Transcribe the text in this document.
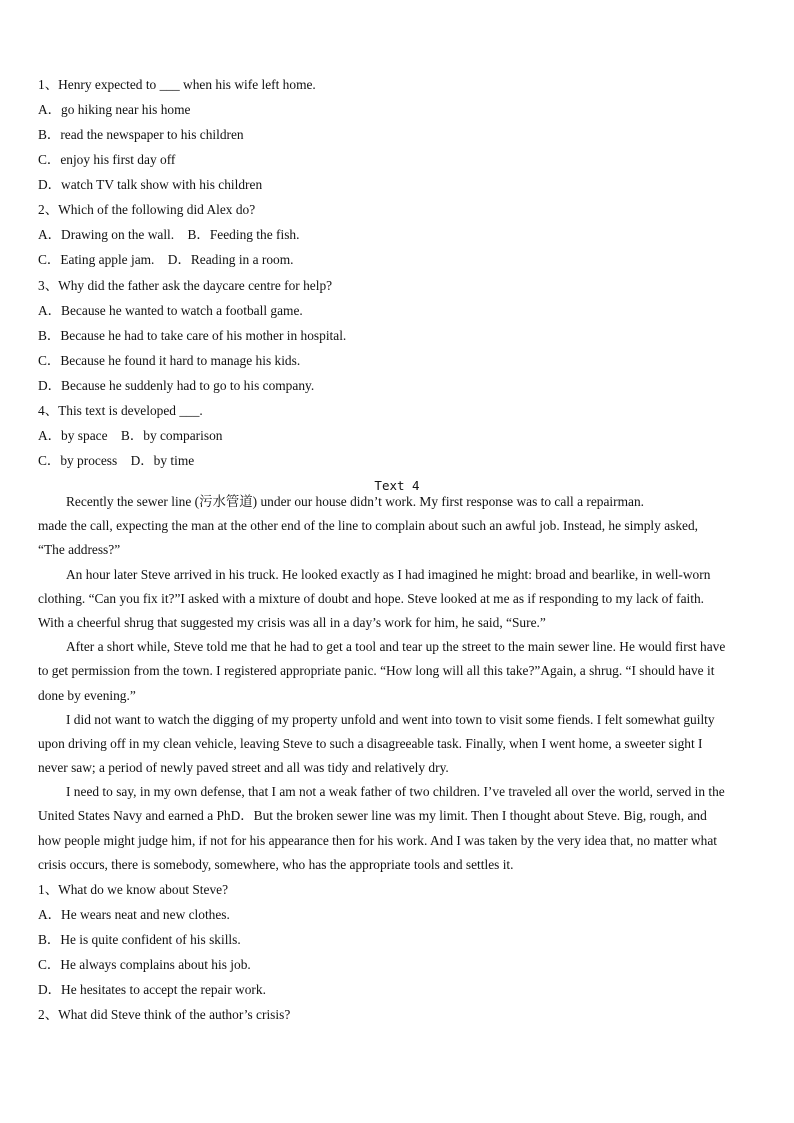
1、Henry expected to ___ when his wife left home.
A．go hiking near his home
B．read the newspaper to his children
C．enjoy his first day off
D．watch TV talk show with his children
2、Which of the following did Alex do?
A．Drawing on the wall.　B．Feeding the fish.
C．Eating apple jam.　D．Reading in a room.
3、Why did the father ask the daycare centre for help?
A．Because he wanted to watch a football game.
B．Because he had to take care of his mother in hospital.
C．Because he found it hard to manage his kids.
D．Because he suddenly had to go to his company.
4、This text is developed ___.
A．by space　B．by comparison
C．by process　D．by time
Text 4
Recently the sewer line (污水管道) under our house didn’t work. My first response was to call a repairman.
made the call, expecting the man at the other end of the line to complain about such an awful job. Instead, he simply asked,
“The address?”
An hour later Steve arrived in his truck. He looked exactly as I had imagined he might: broad and bearlike, in well-worn
clothing. “Can you fix it?”I asked with a mixture of doubt and hope. Steve looked at me as if responding to my lack of faith.
With a cheerful shrug that suggested my crisis was all in a day’s work for him, he said, “Sure.”
After a short while, Steve told me that he had to get a tool and tear up the street to the main sewer line. He would first have
to get permission from the town. I registered appropriate panic. “How long will all this take?”Again, a shrug. “I should have it
done by evening.”
I did not want to watch the digging of my property unfold and went into town to visit some fiends. I felt somewhat guilty
upon driving off in my clean vehicle, leaving Steve to such a disagreeable task. Finally, when I went home, a sweeter sight I
never saw; a period of newly paved street and all was tidy and relatively dry.
I need to say, in my own defense, that I am not a weak father of two children. I’ve traveled all over the world, served in the
United States Navy and earned a PhD．But the broken sewer line was my limit. Then I thought about Steve. Big, rough, and
how people might judge him, if not for his appearance then for his work. And I was taken by the very idea that, no matter what
crisis occurs, there is somebody, somewhere, who has the appropriate tools and settles it.
1、What do we know about Steve?
A．He wears neat and new clothes.
B．He is quite confident of his skills.
C．He always complains about his job.
D．He hesitates to accept the repair work.
2、What did Steve think of the author’s crisis?
